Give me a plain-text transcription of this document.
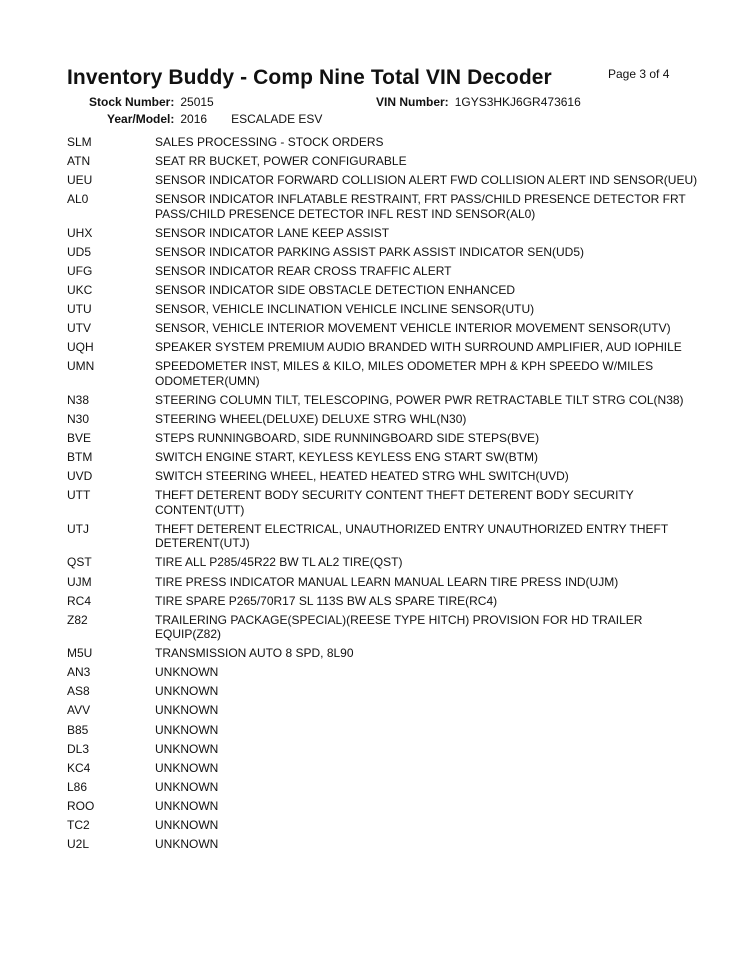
Inventory Buddy - Comp Nine Total VIN Decoder	Page 3 of 4
Stock Number: 25015
Year/Model: 2016 ESCALADE ESV
VIN Number: 1GYS3HKJ6GR473616
SLM	SALES PROCESSING - STOCK ORDERS
ATN	SEAT RR BUCKET, POWER CONFIGURABLE
UEU	SENSOR INDICATOR FORWARD COLLISION ALERT FWD COLLISION ALERT IND SENSOR(UEU)
AL0	SENSOR INDICATOR INFLATABLE RESTRAINT, FRT PASS/CHILD PRESENCE DETECTOR FRT PASS/CHILD PRESENCE DETECTOR INFL REST IND SENSOR(AL0)
UHX	SENSOR INDICATOR LANE KEEP ASSIST
UD5	SENSOR INDICATOR PARKING ASSIST PARK ASSIST INDICATOR SEN(UD5)
UFG	SENSOR INDICATOR REAR CROSS TRAFFIC ALERT
UKC	SENSOR INDICATOR SIDE OBSTACLE DETECTION ENHANCED
UTU	SENSOR, VEHICLE INCLINATION VEHICLE INCLINE SENSOR(UTU)
UTV	SENSOR, VEHICLE INTERIOR MOVEMENT VEHICLE INTERIOR MOVEMENT SENSOR(UTV)
UQH	SPEAKER SYSTEM PREMIUM AUDIO BRANDED WITH SURROUND AMPLIFIER, AUD IOPHILE
UMN	SPEEDOMETER INST, MILES & KILO, MILES ODOMETER MPH & KPH SPEEDO W/MILES ODOMETER(UMN)
N38	STEERING COLUMN TILT, TELESCOPING, POWER PWR RETRACTABLE TILT STRG COL(N38)
N30	STEERING WHEEL(DELUXE) DELUXE STRG WHL(N30)
BVE	STEPS RUNNINGBOARD, SIDE RUNNINGBOARD SIDE STEPS(BVE)
BTM	SWITCH ENGINE START, KEYLESS KEYLESS ENG START SW(BTM)
UVD	SWITCH STEERING WHEEL, HEATED HEATED STRG WHL SWITCH(UVD)
UTT	THEFT DETERENT BODY SECURITY CONTENT THEFT DETERENT BODY SECURITY CONTENT(UTT)
UTJ	THEFT DETERENT ELECTRICAL, UNAUTHORIZED ENTRY UNAUTHORIZED ENTRY THEFT DETERENT(UTJ)
QST	TIRE ALL P285/45R22 BW TL AL2 TIRE(QST)
UJM	TIRE PRESS INDICATOR MANUAL LEARN MANUAL LEARN TIRE PRESS IND(UJM)
RC4	TIRE SPARE P265/70R17 SL 113S BW ALS SPARE TIRE(RC4)
Z82	TRAILERING PACKAGE(SPECIAL)(REESE TYPE HITCH) PROVISION FOR HD TRAILER EQUIP(Z82)
M5U	TRANSMISSION AUTO 8 SPD, 8L90
AN3	UNKNOWN
AS8	UNKNOWN
AVV	UNKNOWN
B85	UNKNOWN
DL3	UNKNOWN
KC4	UNKNOWN
L86	UNKNOWN
ROO	UNKNOWN
TC2	UNKNOWN
U2L	UNKNOWN
